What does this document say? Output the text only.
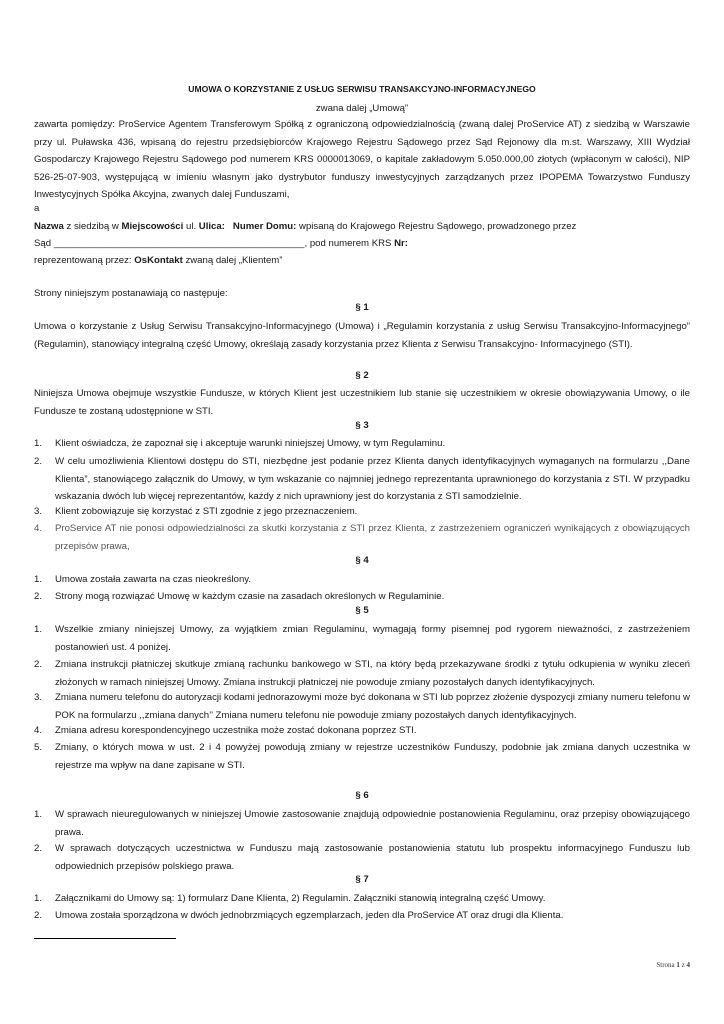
UMOWA O KORZYSTANIE Z USŁUG SERWISU TRANSAKCYJNO-INFORMACYJNEGO
zwana dalej „Umową”

zawarta pomiędzy: ProService Agentem Transferowym Spółką z ograniczoną odpowiedzialnością (zwaną dalej ProService AT) z siedzibą w Warszawie przy ul. Puławska 436, wpisaną do rejestru przedsiębiorców Krajowego Rejestru Sądowego przez Sąd Rejonowy dla m.st. Warszawy, XIII Wydział Gospodarczy Krajowego Rejestru Sądowego pod numerem KRS 0000013069, o kapitale zakładowym 5.050.000,00 złotych (wpłaconym w całości), NIP 526-25-07-903, występującą w imieniu własnym jako dystrybutor funduszy inwestycyjnych zarządzanych przez IPOPEMA Towarzystwo Funduszy Inwestycyjnych Spółka Akcyjna, zwanych dalej Funduszami,

a

Nazwa z siedzibą w Miejscowości ul. Ulica: Numer Domu: wpisaną do Krajowego Rejestru Sądowego, prowadzonego przez

Sąd _______________________________________________, pod numerem KRS Nr:

reprezentowaną przez: OsKontakt zwaną dalej „Klientem”

Strony niniejszym postanawiają co następuje:

§ 1

Umowa o korzystanie z Usług Serwisu Transakcyjno-Informacyjnego (Umowa) i „Regulamin korzystania z usług Serwisu Transakcyjno-Informacyjnego” (Regulamin), stanowiący integralną część Umowy, określają zasady korzystania przez Klienta z Serwisu Transakcyjno- Informacyjnego (STI).

§ 2

Niniejsza Umowa obejmuje wszystkie Fundusze, w których Klient jest uczestnikiem lub stanie się uczestnikiem w okresie obowiązywania Umowy, o ile Fundusze te zostaną udostępnione w STI.

§ 3
1.	Klient oświadcza, że zapoznał się i akceptuje warunki niniejszej Umowy, w tym Regulaminu.
2.	W celu umożliwienia Klientowi dostępu do STI, niezbędne jest podanie przez Klienta danych identyfikacyjnych wymaganych na formularzu ,,Dane Klienta”, stanowiącego załącznik do Umowy, w tym wskazanie co najmniej jednego reprezentanta uprawnionego do korzystania z STI. W przypadku wskazania dwóch lub więcej reprezentantów, każdy z nich uprawniony jest do korzystania z STI samodzielnie.
3.	Klient zobowiązuje się korzystać z STI zgodnie z jego przeznaczeniem.
4.	ProService AT nie ponosi odpowiedzialności za skutki korzystania z STI przez Klienta, z zastrzeżeniem ograniczeń wynikających z obowiązujących przepisów prawa,
§ 4
1.	Umowa została zawarta na czas nieokreślony.
2.	Strony mogą rozwiązać Umowę w każdym czasie na zasadach określonych w Regulaminie.
§ 5
1.	Wszelkie zmiany niniejszej Umowy, za wyjątkiem zmian Regulaminu, wymagają formy pisemnej pod rygorem nieważności, z zastrzeżeniem postanowień ust. 4 poniżej.
2.	Zmiana instrukcji płatniczej skutkuje zmianą rachunku bankowego w STI, na który będą przekazywane środki z tytułu odkupienia w wyniku zleceń złożonych w ramach niniejszej Umowy. Zmiana instrukcji płatniczej nie powoduje zmiany pozostałych danych identyfikacyjnych.
3.	Zmiana numeru telefonu do autoryzacji kodami jednorazowymi może być dokonana w STI lub poprzez złożenie dyspozycji zmiany numeru telefonu w POK na formularzu ,,zmiana danych’’ Zmiana numeru telefonu nie powoduje zmiany pozostałych danych identyfikacyjnych.
4.	Zmiana adresu korespondencyjnego uczestnika może zostać dokonana poprzez STI.
5.	Zmiany, o których mowa w ust. 2 i 4 powyżej powodują zmiany w rejestrze uczestników Funduszy, podobnie jak zmiana danych uczestnika w rejestrze ma wpływ na dane zapisane w STI.
§ 6
1.	W sprawach nieuregulowanych w niniejszej Umowie zastosowanie znajdują odpowiednie postanowienia Regulaminu, oraz przepisy obowiązującego prawa.
2.	W sprawach dotyczących uczestnictwa w Funduszu mają zastosowanie postanowienia statutu lub prospektu informacyjnego Funduszu lub odpowiednich przepisów polskiego prawa.
§ 7
1.	Załącznikami do Umowy są: 1) formularz Dane Klienta, 2) Regulamin. Załączniki stanowią integralną część Umowy.
2.	Umowa została sporządzona w dwóch jednobrzmiących egzemplarzach, jeden dla ProService AT oraz drugi dla Klienta.
Strona 1 z 4
